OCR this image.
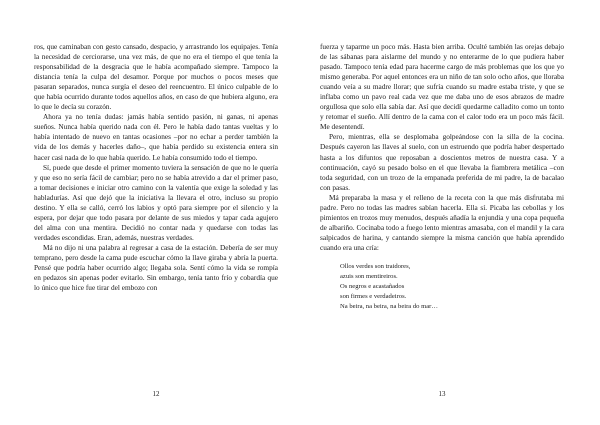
ros, que caminaban con gesto cansado, despacio, y arrastrando los equipajes. Tenía la necesidad de cerciorarse, una vez más, de que no era el tiempo el que tenía la responsabilidad de la desgracia que le había acompañado siempre. Tampoco la distancia tenía la culpa del desamor. Porque por muchos o pocos meses que pasaran separados, nunca surgía el deseo del reencuentro. El único culpable de lo que había ocurrido durante todos aquellos años, en caso de que hubiera alguno, era lo que le decía su corazón.

Ahora ya no tenía dudas: jamás había sentido pasión, ni ganas, ni apenas sueños. Nunca había querido nada con él. Pero le había dado tantas vueltas y lo había intentado de nuevo en tantas ocasiones –por no echar a perder también la vida de los demás y hacerles daño–, que había perdido su existencia entera sin hacer casi nada de lo que había querido. Le había consumido todo el tiempo.

Sí, puede que desde el primer momento tuviera la sensación de que no le quería y que eso no sería fácil de cambiar; pero no se había atrevido a dar el primer paso, a tomar decisiones e iniciar otro camino con la valentía que exige la soledad y las habladurías. Así que dejó que la iniciativa la llevara el otro, incluso su propio destino. Y ella se calló, cerró los labios y optó para siempre por el silencio y la espera, por dejar que todo pasara por delante de sus miedos y tapar cada agujero del alma con una mentira. Decidió no contar nada y quedarse con todas las verdades escondidas. Eran, además, nuestras verdades.

Má no dijo ni una palabra al regresar a casa de la estación. Debería de ser muy temprano, pero desde la cama pude escuchar cómo la llave giraba y abría la puerta. Pensé que podría haber ocurrido algo; llegaba sola. Sentí cómo la vida se rompía en pedazos sin apenas poder evitarlo. Sin embargo, tenía tanto frío y cobardía que lo único que hice fue tirar del embozo con

12

fuerza y taparme un poco más. Hasta bien arriba. Oculté también las orejas debajo de las sábanas para aislarme del mundo y no enterarme de lo que pudiera haber pasado. Tampoco tenía edad para hacerme cargo de más problemas que los que yo mismo generaba. Por aquel entonces era un niño de tan solo ocho años, que lloraba cuando veía a su madre llorar; que sufría cuando su madre estaba triste, y que se inflaba como un pavo real cada vez que me daba uno de esos abrazos de madre orgullosa que solo ella sabía dar. Así que decidí quedarme calladito como un tonto y retomar el sueño. Allí dentro de la cama con el calor todo era un poco más fácil. Me desentendí.

Pero, mientras, ella se desplomaba golpeándose con la silla de la cocina. Después cayeron las llaves al suelo, con un estruendo que podría haber despertado hasta a los difuntos que reposaban a doscientos metros de nuestra casa. Y a continuación, cayó su pesado bolso en el que llevaba la fiambrera metálica –con toda seguridad, con un trozo de la empanada preferida de mi padre, la de bacalao con pasas.

Má preparaba la masa y el relleno de la receta con la que más disfrutaba mi padre. Pero no todas las madres sabían hacerla. Ella sí. Picaba las cebollas y los pimientos en trozos muy menudos, después añadía la enjundia y una copa pequeña de albariño. Cocinaba todo a fuego lento mientras amasaba, con el mandil y la cara salpicados de harina, y cantando siempre la misma canción que había aprendido cuando era una cría:

Ollos verdes son traidores,
azuis son mentireiros.
Os negros e acastañados
son firmes e verdadeiros.
Na beira, na beira, na beira do mar…
13
